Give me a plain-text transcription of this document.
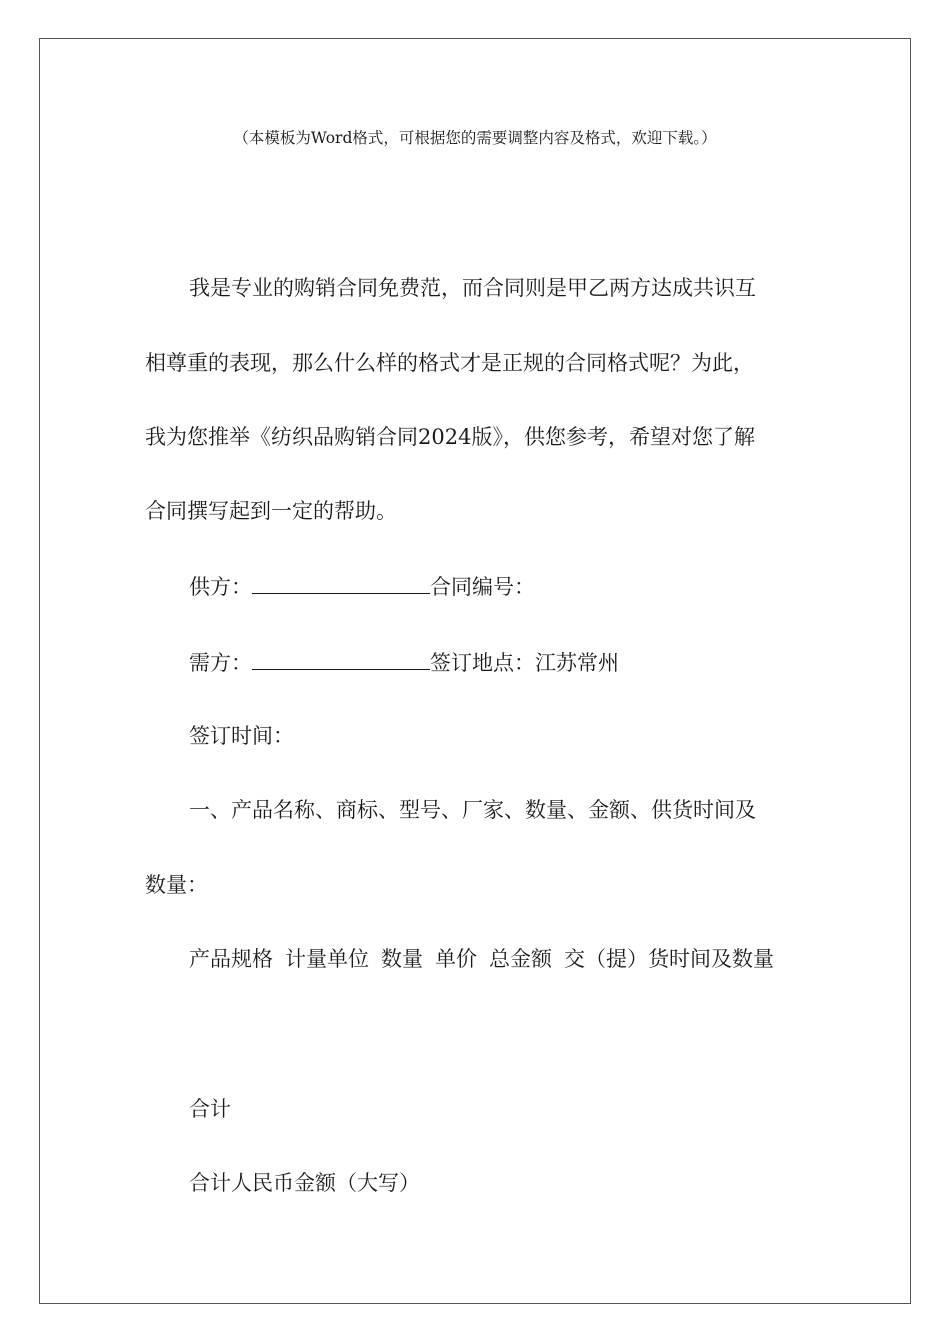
（本模板为Word格式，可根据您的需要调整内容及格式，欢迎下载。）
我是专业的购销合同免费范，而合同则是甲乙两方达成共识互
相尊重的表现，那么什么样的格式才是正规的合同格式呢？为此，
我为您推举《纺织品购销合同2024版》，供您参考，希望对您了解
合同撰写起到一定的帮助。
供方：	合同编号：
需方：	签订地点：江苏常州
签订时间：
一、产品名称、商标、型号、厂家、数量、金额、供货时间及
数量：
产品规格 计量单位 数量 单价 总金额 交（提）货时间及数量
合计
合计人民币金额（大写）
